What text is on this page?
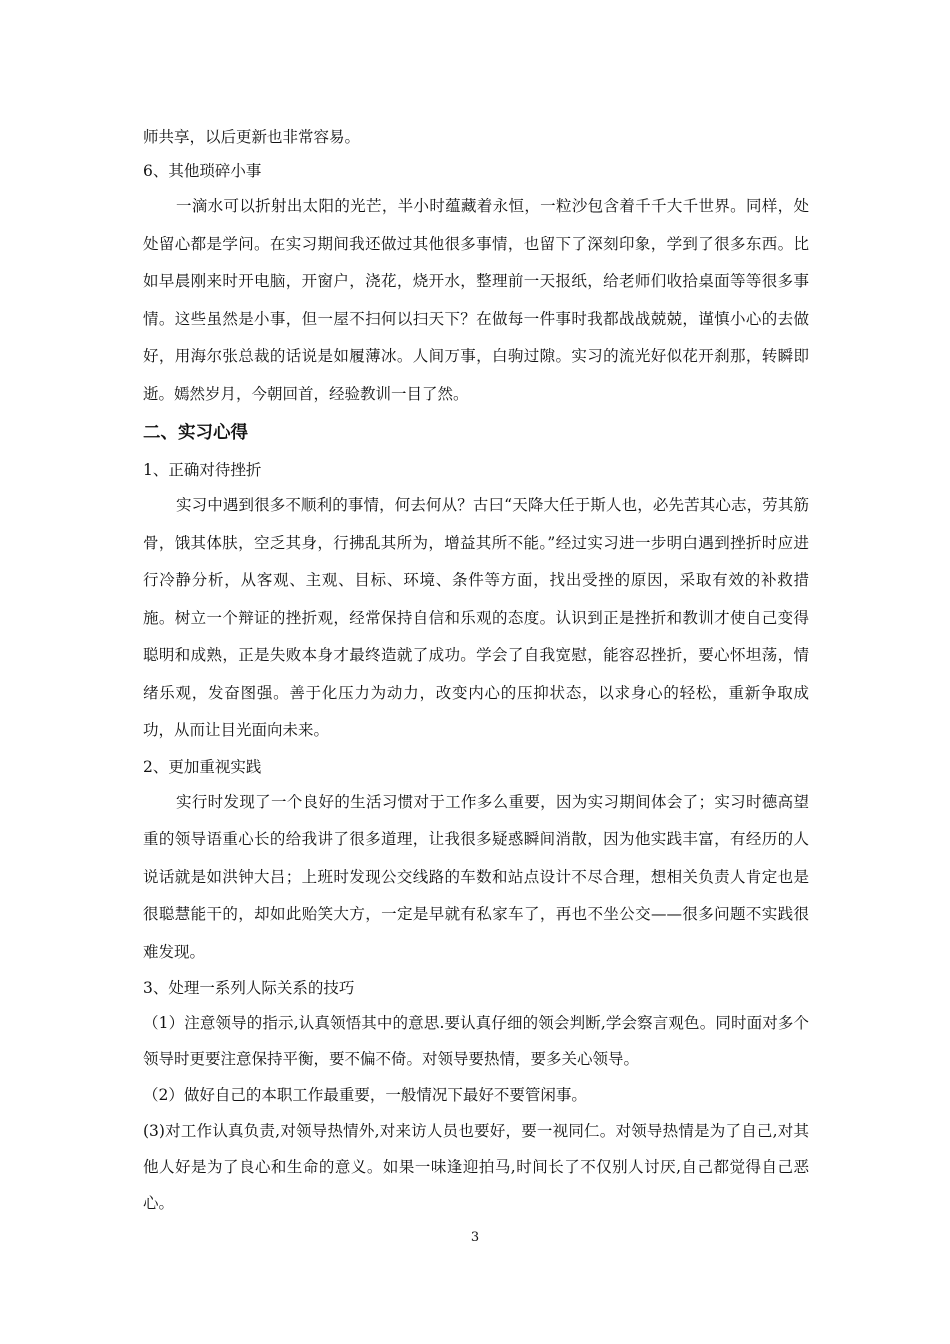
师共享，以后更新也非常容易。
6、其他琐碎小事
一滴水可以折射出太阳的光芒，半小时蕴藏着永恒，一粒沙包含着千千大千世界。同样，处处留心都是学问。在实习期间我还做过其他很多事情，也留下了深刻印象，学到了很多东西。比如早晨刚来时开电脑，开窗户，浇花，烧开水，整理前一天报纸，给老师们收拾桌面等等很多事情。这些虽然是小事，但一屋不扫何以扫天下？在做每一件事时我都战战兢兢，谨慎小心的去做好，用海尔张总裁的话说是如履薄冰。人间万事，白驹过隙。实习的流光好似花开刹那，转瞬即逝。嫣然岁月，今朝回首，经验教训一目了然。
二、实习心得
1、正确对待挫折
实习中遇到很多不顺利的事情，何去何从？古曰“天降大任于斯人也，必先苦其心志，劳其筋骨，饿其体肤，空乏其身，行拂乱其所为，增益其所不能。”经过实习进一步明白遇到挫折时应进行冷静分析，从客观、主观、目标、环境、条件等方面，找出受挫的原因，采取有效的补救措施。树立一个辩证的挫折观，经常保持自信和乐观的态度。认识到正是挫折和教训才使自己变得聪明和成熟，正是失败本身才最终造就了成功。学会了自我宽慰，能容忍挫折，要心怀坦荡，情绪乐观，发奋图强。善于化压力为动力，改变内心的压抑状态，以求身心的轻松，重新争取成功，从而让目光面向未来。
2、更加重视实践
实行时发现了一个良好的生活习惯对于工作多么重要，因为实习期间体会了；实习时德高望重的领导语重心长的给我讲了很多道理，让我很多疑惑瞬间消散，因为他实践丰富，有经历的人说话就是如洪钟大吕；上班时发现公交线路的车数和站点设计不尽合理，想相关负责人肯定也是很聪慧能干的，却如此贻笑大方，一定是早就有私家车了，再也不坐公交——很多问题不实践很难发现。
3、处理一系列人际关系的技巧
（1）注意领导的指示,认真领悟其中的意思.要认真仔细的领会判断,学会察言观色。同时面对多个领导时更要注意保持平衡，要不偏不倚。对领导要热情，要多关心领导。
（2）做好自己的本职工作最重要，一般情况下最好不要管闲事。
(3)对工作认真负责,对领导热情外,对来访人员也要好，要一视同仁。对领导热情是为了自己,对其他人好是为了良心和生命的意义。如果一味逢迎拍马,时间长了不仅别人讨厌,自己都觉得自己恶心。
3
